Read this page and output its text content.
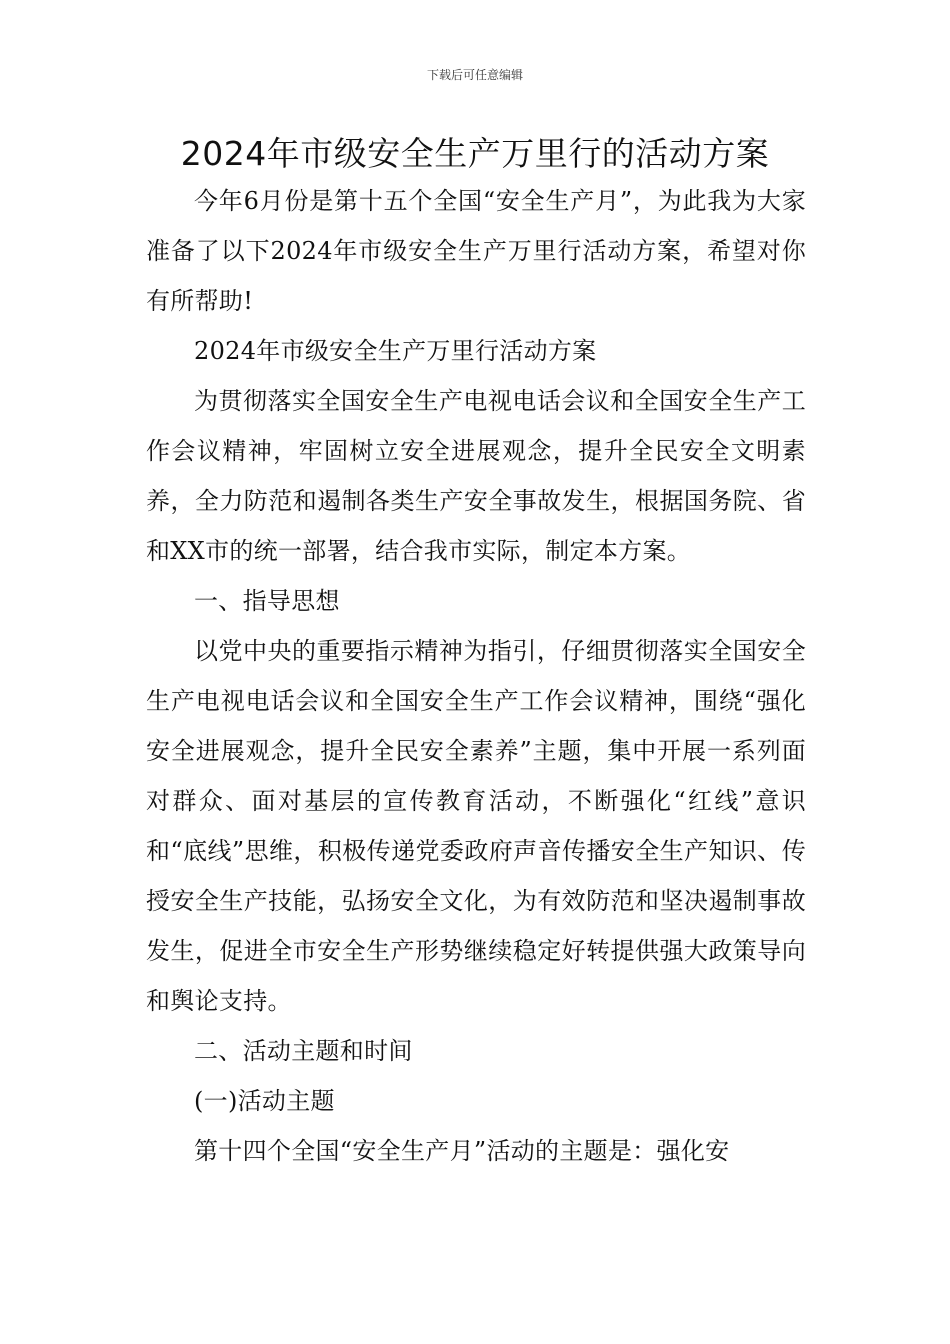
下载后可任意编辑
2024年市级安全生产万里行的活动方案

今年6月份是第十五个全国“安全生产月”，为此我为大家准备了以下2024年市级安全生产万里行活动方案，希望对你有所帮助!

2024年市级安全生产万里行活动方案

为贯彻落实全国安全生产电视电话会议和全国安全生产工作会议精神，牢固树立安全进展观念，提升全民安全文明素养，全力防范和遏制各类生产安全事故发生，根据国务院、省和XX市的统一部署，结合我市实际，制定本方案。

一、指导思想

以党中央的重要指示精神为指引，仔细贯彻落实全国安全生产电视电话会议和全国安全生产工作会议精神，围绕“强化安全进展观念，提升全民安全素养”主题，集中开展一系列面对群众、面对基层的宣传教育活动，不断强化“红线”意识和“底线”思维，积极传递党委政府声音传播安全生产知识、传授安全生产技能，弘扬安全文化，为有效防范和坚决遏制事故发生，促进全市安全生产形势继续稳定好转提供强大政策导向和舆论支持。

二、活动主题和时间

(一)活动主题

第十四个全国“安全生产月”活动的主题是：强化安
